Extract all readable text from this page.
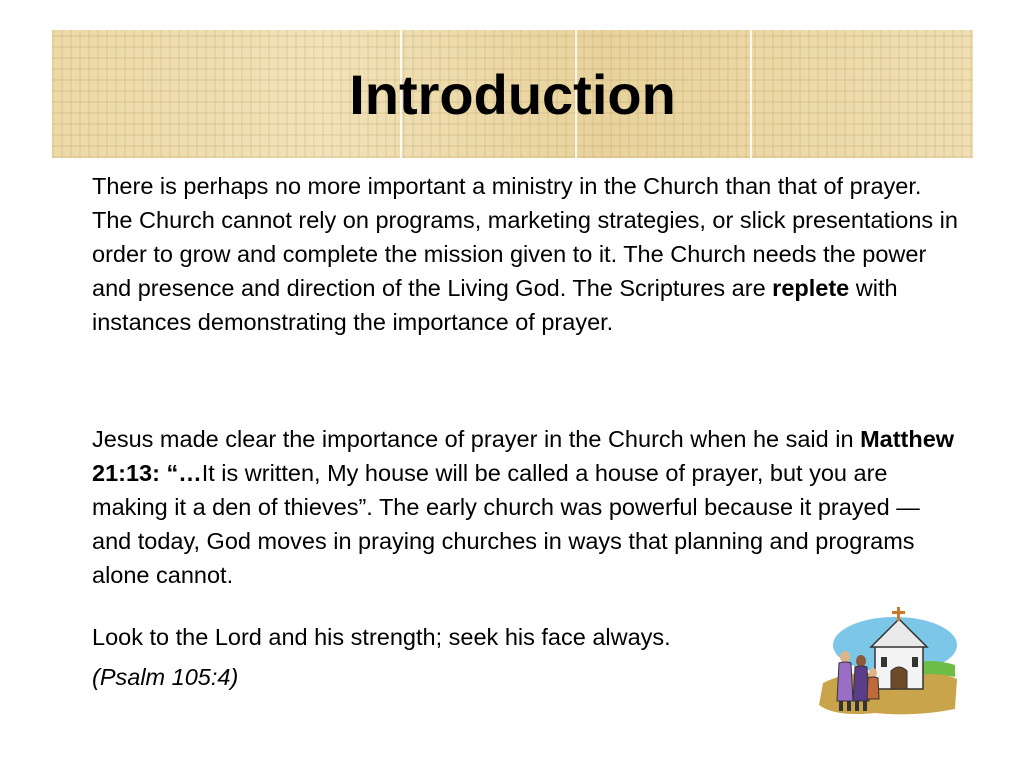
Introduction

There is perhaps no more important a ministry in the Church than that of prayer. The Church cannot rely on programs, marketing strategies, or slick presentations in order to grow and complete the mission given to it. The Church needs the power and presence and direction of the Living God. The Scriptures are replete with instances demonstrating the importance of prayer.

Jesus made clear the importance of prayer in the Church when he said in Matthew 21:13: “…It is written, My house will be called a house of prayer, but you are making it a den of thieves”. The early church was powerful because it prayed — and today, God moves in praying churches in ways that planning and programs alone cannot.

Look to the Lord and his strength; seek his face always.

(Psalm 105:4)
